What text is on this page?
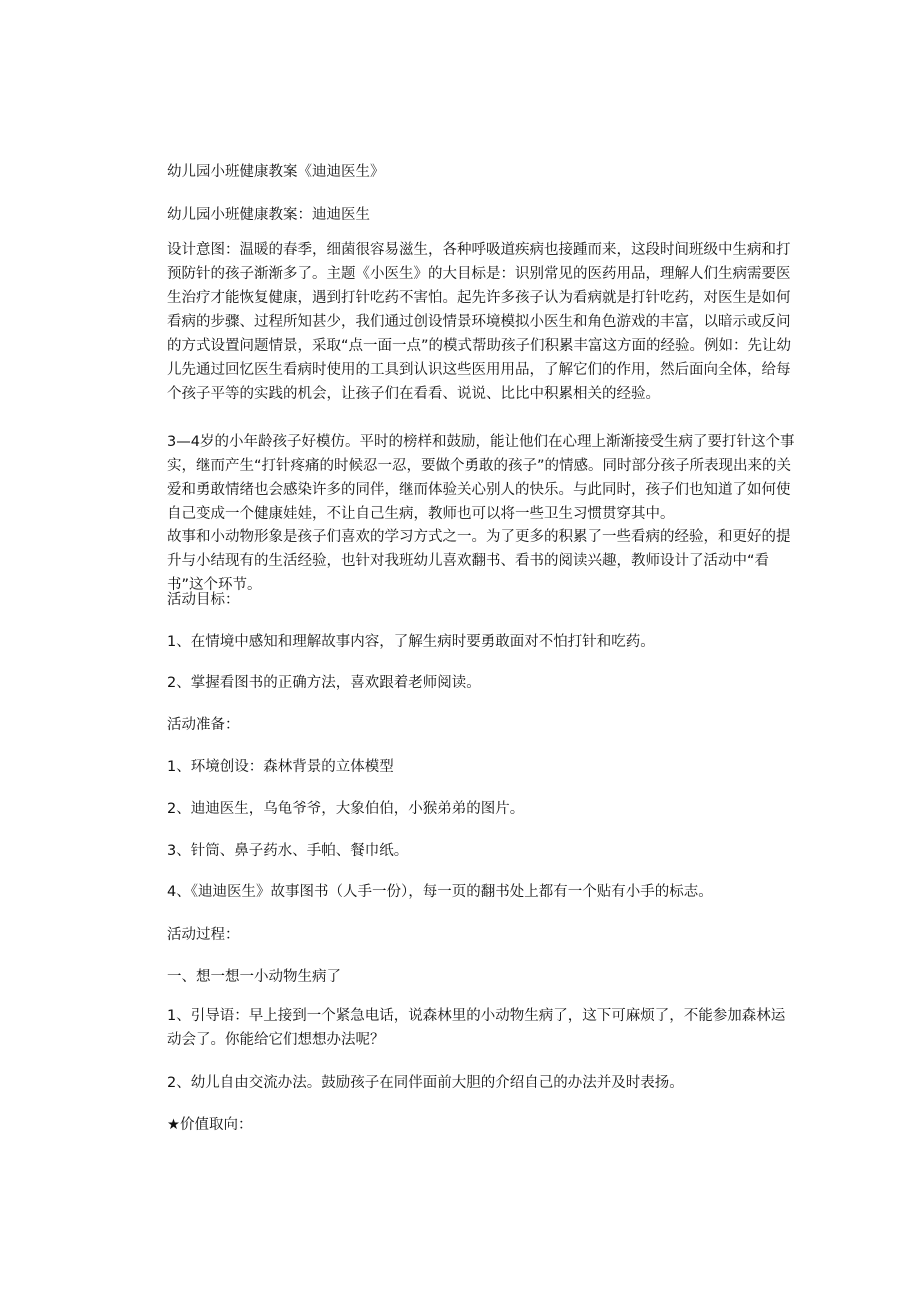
幼儿园小班健康教案《迪迪医生》

幼儿园小班健康教案：迪迪医生

设计意图：温暖的春季，细菌很容易滋生，各种呼吸道疾病也接踵而来，这段时间班级中生病和打预防针的孩子渐渐多了。主题《小医生》的大目标是：识别常见的医药用品，理解人们生病需要医生治疗才能恢复健康，遇到打针吃药不害怕。起先许多孩子认为看病就是打针吃药，对医生是如何看病的步骤、过程所知甚少，我们通过创设情景环境模拟小医生和角色游戏的丰富，以暗示或反问的方式设置问题情景，采取“点一面一点”的模式帮助孩子们积累丰富这方面的经验。例如：先让幼儿先通过回忆医生看病时使用的工具到认识这些医用用品，了解它们的作用，然后面向全体，给每个孩子平等的实践的机会，让孩子们在看看、说说、比比中积累相关的经验。

3—4岁的小年龄孩子好模仿。平时的榜样和鼓励，能让他们在心理上渐渐接受生病了要打针这个事实，继而产生“打针疼痛的时候忍一忍，要做个勇敢的孩子”的情感。同时部分孩子所表现出来的关爱和勇敢情绪也会感染许多的同伴，继而体验关心别人的快乐。与此同时，孩子们也知道了如何使自己变成一个健康娃娃，不让自己生病，教师也可以将一些卫生习惯贯穿其中。

故事和小动物形象是孩子们喜欢的学习方式之一。为了更多的积累了一些看病的经验，和更好的提升与小结现有的生活经验，也针对我班幼儿喜欢翻书、看书的阅读兴趣，教师设计了活动中“看书”这个环节。

活动目标：

1、在情境中感知和理解故事内容，了解生病时要勇敢面对不怕打针和吃药。

2、掌握看图书的正确方法，喜欢跟着老师阅读。

活动准备：

1、环境创设：森林背景的立体模型

2、迪迪医生，乌龟爷爷，大象伯伯，小猴弟弟的图片。

3、针筒、鼻子药水、手帕、餐巾纸。

4、《迪迪医生》故事图书（人手一份），每一页的翻书处上都有一个贴有小手的标志。

活动过程：

一、想一想一小动物生病了

1、引导语：早上接到一个紧急电话，说森林里的小动物生病了，这下可麻烦了，不能参加森林运动会了。你能给它们想想办法呢？

2、幼儿自由交流办法。鼓励孩子在同伴面前大胆的介绍自己的办法并及时表扬。

★价值取向：
